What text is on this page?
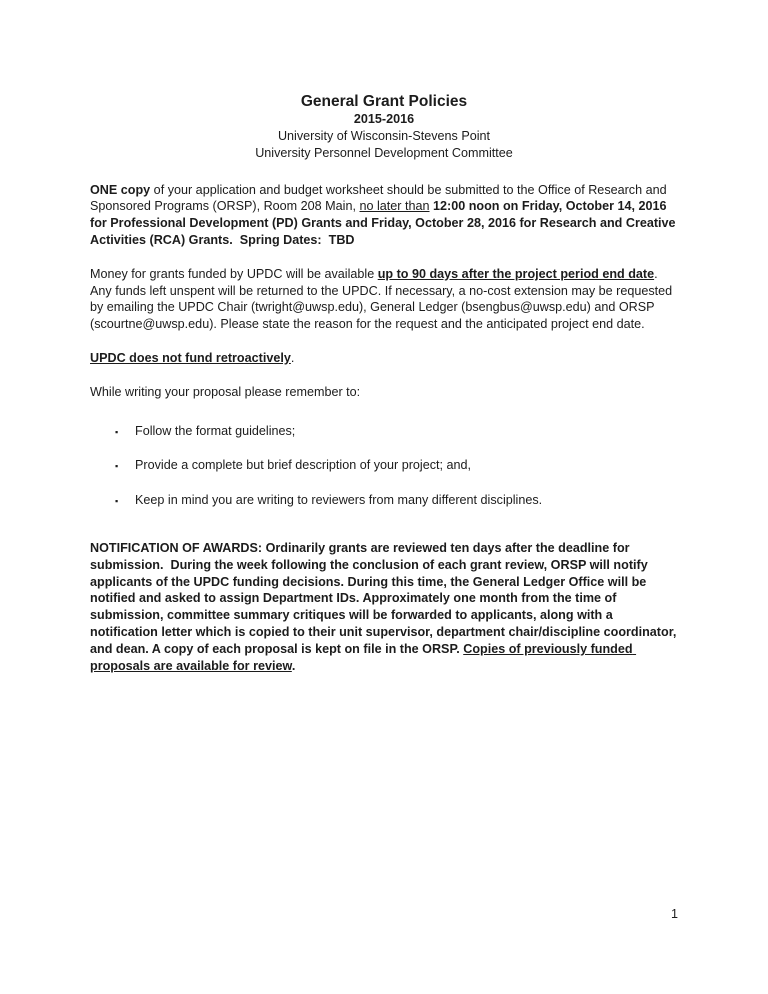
General Grant Policies
2015-2016
University of Wisconsin-Stevens Point
University Personnel Development Committee

ONE copy of your application and budget worksheet should be submitted to the Office of Research and Sponsored Programs (ORSP), Room 208 Main, no later than 12:00 noon on Friday, October 14, 2016 for Professional Development (PD) Grants and Friday, October 28, 2016 for Research and Creative Activities (RCA) Grants.  Spring Dates:  TBD

Money for grants funded by UPDC will be available up to 90 days after the project period end date. Any funds left unspent will be returned to the UPDC. If necessary, a no-cost extension may be requested by emailing the UPDC Chair (twright@uwsp.edu), General Ledger (bsengbus@uwsp.edu) and ORSP (scourtne@uwsp.edu). Please state the reason for the request and the anticipated project end date.

UPDC does not fund retroactively.

While writing your proposal please remember to:

▪ Follow the format guidelines;
▪ Provide a complete but brief description of your project; and,
▪ Keep in mind you are writing to reviewers from many different disciplines.

NOTIFICATION OF AWARDS: Ordinarily grants are reviewed ten days after the deadline for submission.  During the week following the conclusion of each grant review, ORSP will notify applicants of the UPDC funding decisions. During this time, the General Ledger Office will be notified and asked to assign Department IDs. Approximately one month from the time of submission, committee summary critiques will be forwarded to applicants, along with a notification letter which is copied to their unit supervisor, department chair/discipline coordinator, and dean. A copy of each proposal is kept on file in the ORSP. Copies of previously funded proposals are available for review.

1
